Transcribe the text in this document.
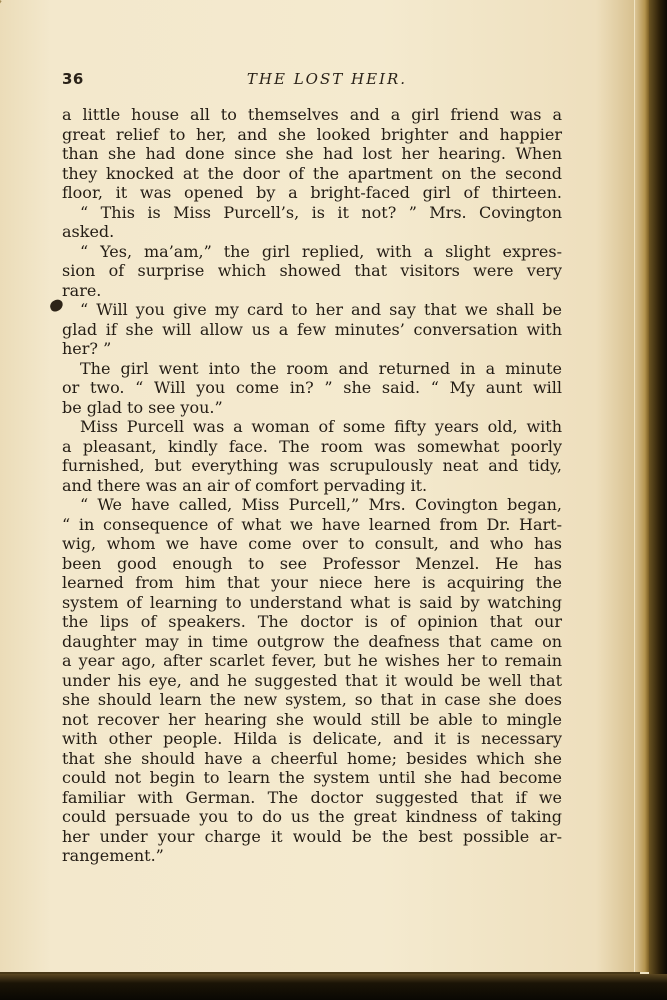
36	THE LOST HEIR.
a little house all to themselves and a girl friend was a
great relief to her, and she looked brighter and happier
than she had done since she had lost her hearing. When
they knocked at the door of the apartment on the second
floor, it was opened by a bright-faced girl of thirteen.
“ This is Miss Purcell’s, is it not? ” Mrs. Covington
asked.
“ Yes, ma’am,” the girl replied, with a slight expres-
sion of surprise which showed that visitors were very
rare.
“ Will you give my card to her and say that we shall be
glad if she will allow us a few minutes’ conversation with
her? ”
The girl went into the room and returned in a minute
or two. “ Will you come in? ” she said. “ My aunt will
be glad to see you.”
Miss Purcell was a woman of some fifty years old, with
a pleasant, kindly face. The room was somewhat poorly
furnished, but everything was scrupulously neat and tidy,
and there was an air of comfort pervading it.
“ We have called, Miss Purcell,” Mrs. Covington began,
“ in consequence of what we have learned from Dr. Hart-
wig, whom we have come over to consult, and who has
been good enough to see Professor Menzel. He has
learned from him that your niece here is acquiring the
system of learning to understand what is said by watching
the lips of speakers. The doctor is of opinion that our
daughter may in time outgrow the deafness that came on
a year ago, after scarlet fever, but he wishes her to remain
under his eye, and he suggested that it would be well that
she should learn the new system, so that in case she does
not recover her hearing she would still be able to mingle
with other people. Hilda is delicate, and it is necessary
that she should have a cheerful home; besides which she
could not begin to learn the system until she had become
familiar with German. The doctor suggested that if we
could persuade you to do us the great kindness of taking
her under your charge it would be the best possible ar-
rangement.”
